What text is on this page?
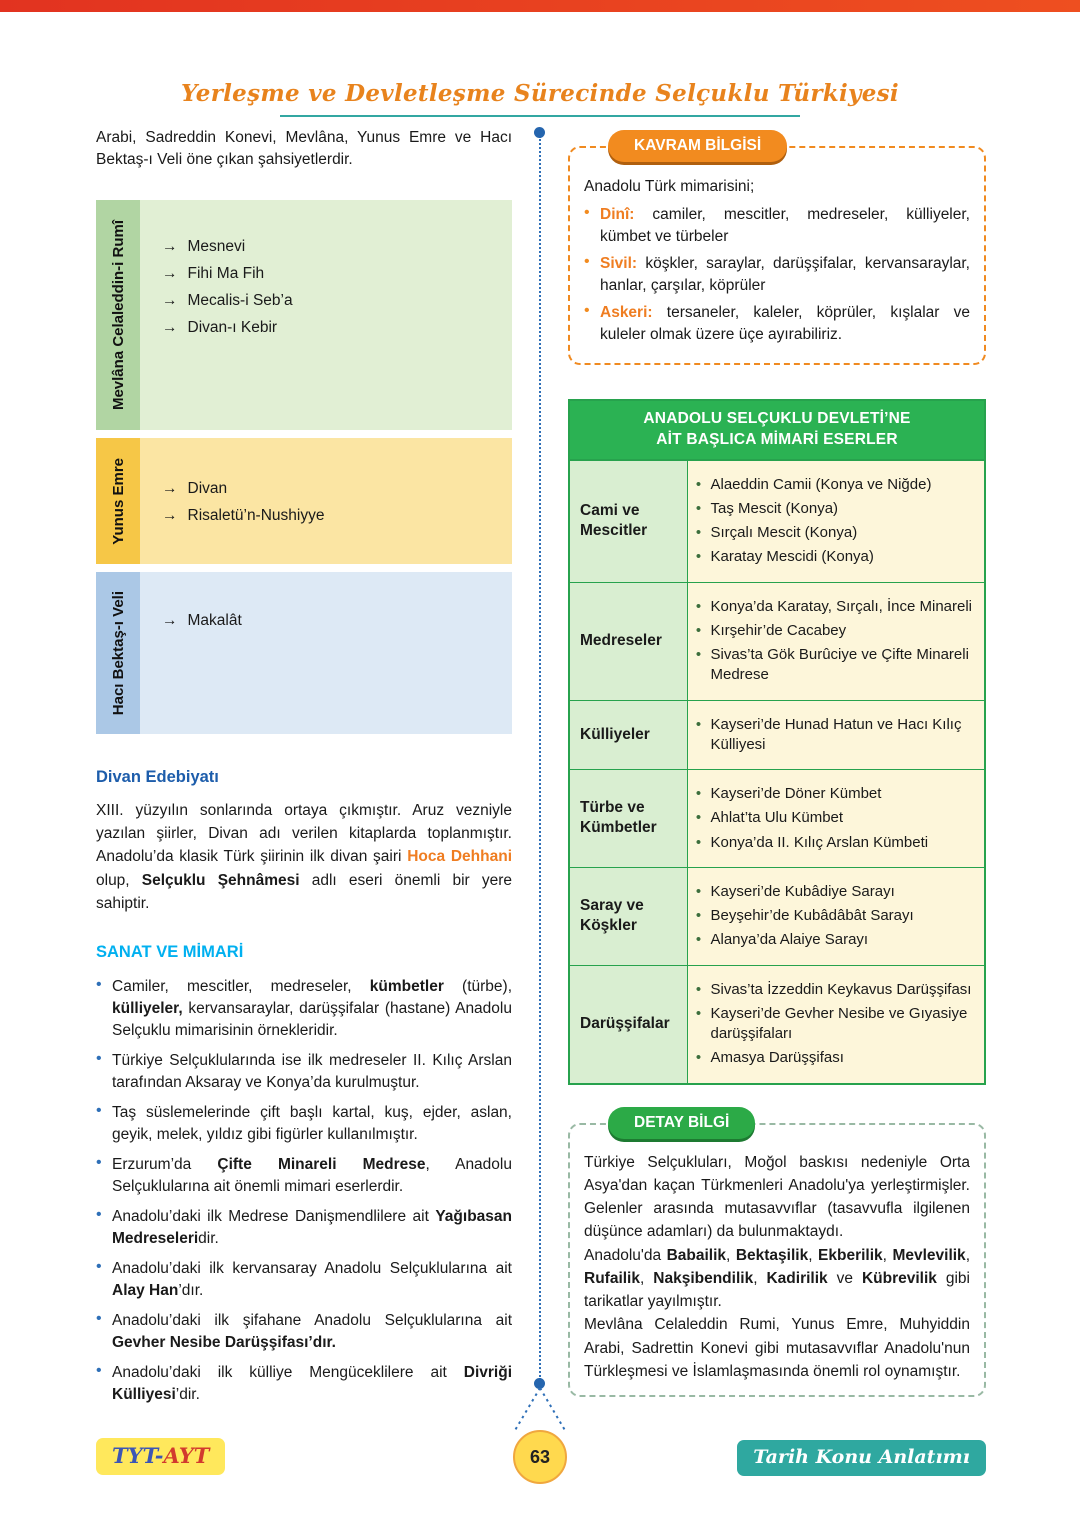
Yerleşme ve Devletleşme Sürecinde Selçuklu Türkiyesi

Arabi, Sadreddin Konevi, Mevlâna, Yunus Emre ve Hacı Bektaş-ı Veli öne çıkan şahsiyetlerdir.

Mevlâna Celaleddin-i Rumî → Mesnevi
→ Fihi Ma Fih
→ Mecalis-i Seb’a
→ Divan-ı Kebir
Yunus Emre → Divan
→ Risaletü’n-Nushiyye
Hacı Bektaş-ı Veli → Makalât
Divan Edebiyatı

XIII. yüzyılın sonlarında ortaya çıkmıştır. Aruz vezniyle yazılan şiirler, Divan adı verilen kitaplarda toplanmıştır. Anadolu’da klasik Türk şiirinin ilk divan şairi Hoca Dehhani olup, Selçuklu Şehnâmesi adlı eseri önemli bir yere sahiptir.

SANAT VE MİMARİ
•
Camiler, mescitler, medreseler, kümbetler (türbe), külliyeler, kervansaraylar, darüşşifalar (hastane) Anadolu Selçuklu mimarisinin örnekleridir.
•
Türkiye Selçuklularında ise ilk medreseler II. Kılıç Arslan tarafından Aksaray ve Konya’da kurulmuştur.
•
Taş süslemelerinde çift başlı kartal, kuş, ejder, aslan, geyik, melek, yıldız gibi figürler kullanılmıştır.
•
Erzurum’da Çifte Minareli Medrese, Anadolu Selçuklularına ait önemli mimari eserlerdir.
•
Anadolu’daki ilk Medrese Danişmendlilere ait Yağıbasan Medreseleridir.
•
Anadolu’daki ilk kervansaray Anadolu Selçuklularına ait Alay Han’dır.
•
Anadolu’daki ilk şifahane Anadolu Selçuklularına ait Gevher Nesibe Darüşşifası’dır.
•
Anadolu’daki ilk külliye Mengüceklilere ait Divriği Külliyesi’dir.
KAVRAM BİLGİSİ

Anadolu Türk mimarisini;

•
Dinî: camiler, mescitler, medreseler, külliyeler, kümbet ve türbeler
•
Sivil: köşkler, saraylar, darüşşifalar, kervansaraylar, hanlar, çarşılar, köprüler
•
Askeri: tersaneler, kaleler, köprüler, kışlalar ve kuleler olmak üzere üçe ayırabiliriz.
ANADOLU SELÇUKLU DEVLETİ’NE
AİT BAŞLICA MİMARİ ESERLER	

Cami ve Mescitler	
• Alaeddin Camii (Konya ve Niğde)
• Taş Mescit (Konya)
• Sırçalı Mescit (Konya)
• Karatay Mescidi (Konya)

Medreseler	
• Konya’da Karatay, Sırçalı, İnce Minareli
• Kırşehir’de Cacabey
• Sivas’ta Gök Burûciye ve Çifte Minareli Medrese

Külliyeler	• Kayseri’de Hunad Hatun ve Hacı Kılıç Külliyesi

Türbe ve Kümbetler	
• Kayseri’de Döner Kümbet
• Ahlat’ta Ulu Kümbet
• Konya’da II. Kılıç Arslan Kümbeti

Saray ve Köşkler	
• Kayseri’de Kubâdiye Sarayı
• Beyşehir’de Kubâdâbât Sarayı
• Alanya’da Alaiye Sarayı

Darüşşifalar	
• Sivas’ta İzzeddin Keykavus Darüşşifası
• Kayseri’de Gevher Nesibe ve Gıyasiye darüşşifaları
• Amasya Darüşşifası
DETAY BİLGİ

Türkiye Selçukluları, Moğol baskısı nedeniyle Orta Asya'dan kaçan Türkmenleri Anadolu'ya yerleştirmişler. Gelenler arasında mutasavvıflar (tasavvufla ilgilenen düşünce adamları) da bulunmaktaydı.

Anadolu'da Babailik, Bektaşilik, Ekberilik, Mevlevilik, Rufailik, Nakşibendilik, Kadirilik ve Kübrevilik gibi tarikatlar yayılmıştır.

Mevlâna Celaleddin Rumi, Yunus Emre, Muhyiddin Arabi, Sadrettin Konevi gibi mutasavvıflar Anadolu'nun Türkleşmesi ve İslamlaşmasında önemli rol oynamıştır.

TYT-AYT	63	Tarih Konu Anlatımı
